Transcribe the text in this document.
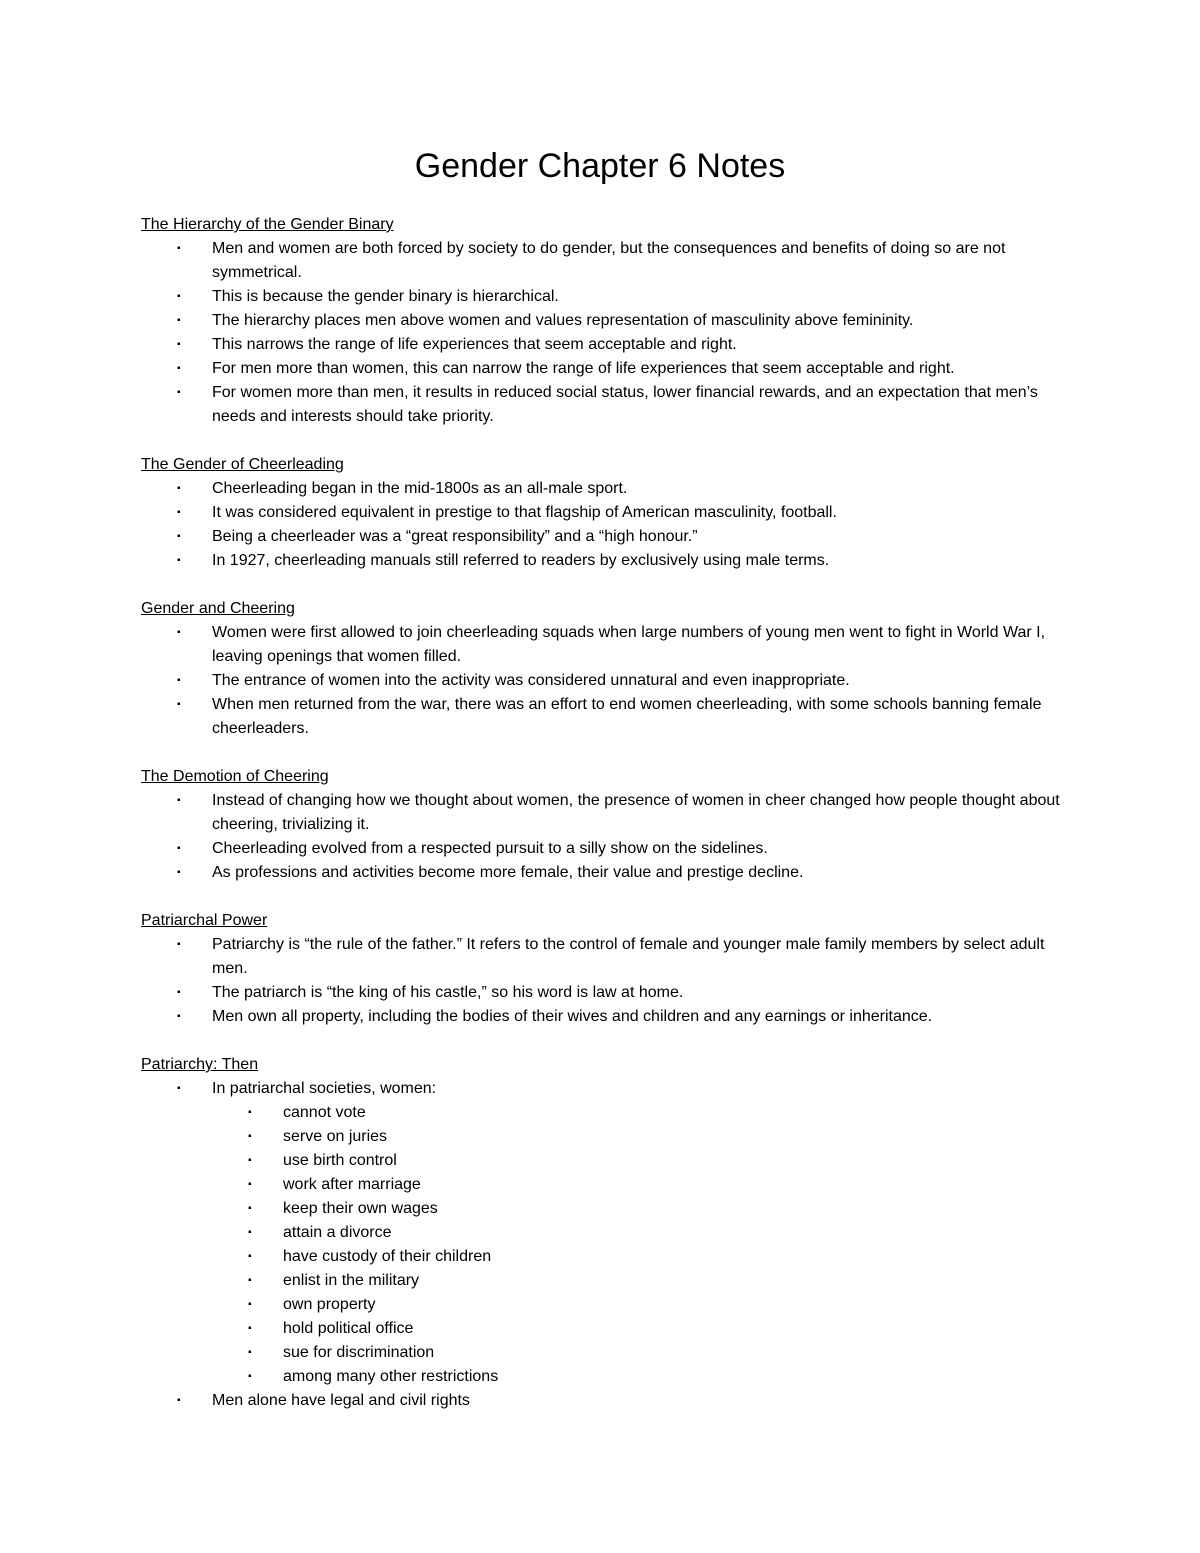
Gender Chapter 6 Notes
The Hierarchy of the Gender Binary
▪ Men and women are both forced by society to do gender, but the consequences and benefits of doing so are not symmetrical.
▪ This is because the gender binary is hierarchical.
▪ The hierarchy places men above women and values representation of masculinity above femininity.
▪ This narrows the range of life experiences that seem acceptable and right.
▪ For men more than women, this can narrow the range of life experiences that seem acceptable and right.
▪ For women more than men, it results in reduced social status, lower financial rewards, and an expectation that men’s needs and interests should take priority.
The Gender of Cheerleading
▪ Cheerleading began in the mid-1800s as an all-male sport.
▪ It was considered equivalent in prestige to that flagship of American masculinity, football.
▪ Being a cheerleader was a “great responsibility” and a “high honour.”
▪ In 1927, cheerleading manuals still referred to readers by exclusively using male terms.
Gender and Cheering
▪ Women were first allowed to join cheerleading squads when large numbers of young men went to fight in World War I, leaving openings that women filled.
▪ The entrance of women into the activity was considered unnatural and even inappropriate.
▪ When men returned from the war, there was an effort to end women cheerleading, with some schools banning female cheerleaders.
The Demotion of Cheering
▪ Instead of changing how we thought about women, the presence of women in cheer changed how people thought about cheering, trivializing it.
▪ Cheerleading evolved from a respected pursuit to a silly show on the sidelines.
▪ As professions and activities become more female, their value and prestige decline.
Patriarchal Power
▪ Patriarchy is “the rule of the father.” It refers to the control of female and younger male family members by select adult men.
▪ The patriarch is “the king of his castle,” so his word is law at home.
▪ Men own all property, including the bodies of their wives and children and any earnings or inheritance.
Patriarchy: Then
▪ In patriarchal societies, women:
▪ cannot vote
▪ serve on juries
▪ use birth control
▪ work after marriage
▪ keep their own wages
▪ attain a divorce
▪ have custody of their children
▪ enlist in the military
▪ own property
▪ hold political office
▪ sue for discrimination
▪ among many other restrictions
▪ Men alone have legal and civil rights
